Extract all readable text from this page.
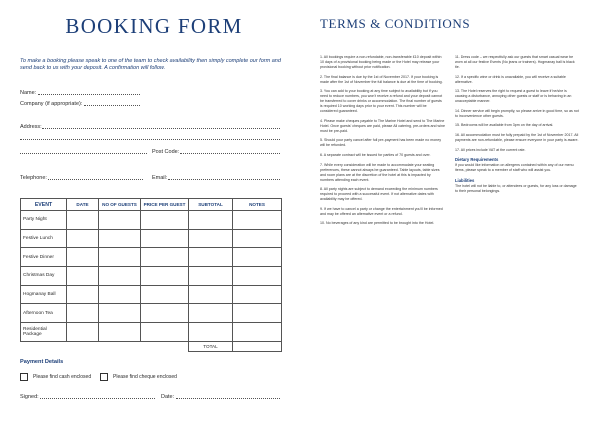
BOOKING FORM

To make a booking please speak to one of the team to check availability then simply complete our form and send back to us with your deposit. A confirmation will follow.

Name:
Company (if appropriate):
Address:
Post Code:
Telephone:	Email:
EVENT	DATE	NO OF GUESTS	PRICE PER GUEST	SUBTOTAL	NOTES
Party Night					
Festive Lunch					
Festive Dinner					
Christmas Day					
Hogmanay Ball					
Afternoon Tea					
Residential Package					
				TOTAL	
Payment Details
Please find cash enclosed	Please find cheque enclosed
Signed:	Date:
TERMS & CONDITIONS

1. All bookings require a non-refundable, non-transferable £10 deposit within 10 days of a provisional booking being made or the Hotel may release your provisional booking without prior notification.

2. The final balance is due by the 1st of November 2017. If your booking is made after the 1st of November the full balance is due at the time of booking.

3. You can add to your booking at any time subject to availability but if you need to reduce numbers, you won't receive a refund and your deposit cannot be transferred to cover drinks or accommodation. The final number of guests is required 10 working days prior to your event. This number will be considered guaranteed.

4. Please make cheques payable to The Marine Hotel and send to The Marine Hotel. Once guests' cheques are paid, please All catering, pre-orders and wine must be pre-paid.

5. Should your party cancel after full pre-payment has been made no money will be refunded.

6. A separate contract will be issued for parties of 70 guests and over.

7. While every consideration will be made to accommodate your seating preferences, these cannot always be guaranteed. Table layouts, table sizes and room plans are at the discretion of the hotel at this is impacted by numbers attending each event.

8. All party nights are subject to demand exceeding the minimum numbers required to proceed with a successful event. If not alternative dates with availability may be offered.

9. If we have to cancel a party or change the entertainment you'll be informed and may be offered an alternative event or a refund.

10. No beverages of any kind are permitted to be brought into the Hotel.

11. Dress code – we respectfully ask our guests that smart casual wear be worn at all our festive Events (No jeans or trainers). Hogmanay ball is black tie.

12. If a specific wine or drink is unavailable, you will receive a suitable alternative.

13. The Hotel reserves the right to request a guest to leave if he/she is causing a disturbance, annoying other guests or staff or is behaving in an unacceptable manner.

14. Dinner service will begin promptly, so please arrive in good time, so as not to inconvenience other guests.

15. Bedrooms will be available from 3pm on the day of arrival.

16. All accommodation must be fully prepaid by the 1st of November 2017. All payments are non-refundable, please ensure everyone in your party is aware.

17. All prices include VAT at the current rate.

Dietary Requirements

If you would like information on allergens contained within any of our menu items, please speak to a member of staff who will assist you.

Liabilities

The hotel will not be liable to, or attendees or guests, for any loss or damage to their personal belongings.
